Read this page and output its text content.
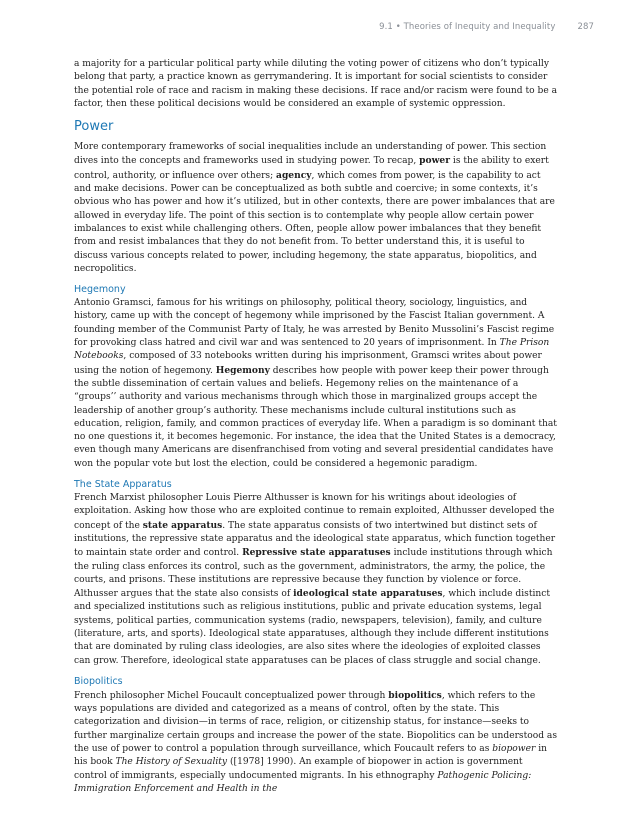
9.1 • Theories of Inequity and Inequality	287

a majority for a particular political party while diluting the voting power of citizens who don’t typically belong that party, a practice known as gerrymandering. It is important for social scientists to consider the potential role of race and racism in making these decisions. If race and/or racism were found to be a factor, then these political decisions would be considered an example of systemic oppression.

Power

More contemporary frameworks of social inequalities include an understanding of power. This section dives into the concepts and frameworks used in studying power. To recap, power is the ability to exert control, authority, or influence over others; agency, which comes from power, is the capability to act and make decisions. Power can be conceptualized as both subtle and coercive; in some contexts, it’s obvious who has power and how it’s utilized, but in other contexts, there are power imbalances that are allowed in everyday life. The point of this section is to contemplate why people allow certain power imbalances to exist while challenging others. Often, people allow power imbalances that they benefit from and resist imbalances that they do not benefit from. To better understand this, it is useful to discuss various concepts related to power, including hegemony, the state apparatus, biopolitics, and necropolitics.

Hegemony

Antonio Gramsci, famous for his writings on philosophy, political theory, sociology, linguistics, and history, came up with the concept of hegemony while imprisoned by the Fascist Italian government. A founding member of the Communist Party of Italy, he was arrested by Benito Mussolini’s Fascist regime for provoking class hatred and civil war and was sentenced to 20 years of imprisonment. In The Prison Notebooks, composed of 33 notebooks written during his imprisonment, Gramsci writes about power using the notion of hegemony. Hegemony describes how people with power keep their power through the subtle dissemination of certain values and beliefs. Hegemony relies on the maintenance of a “groups’’ authority and various mechanisms through which those in marginalized groups accept the leadership of another group’s authority. These mechanisms include cultural institutions such as education, religion, family, and common practices of everyday life. When a paradigm is so dominant that no one questions it, it becomes hegemonic. For instance, the idea that the United States is a democracy, even though many Americans are disenfranchised from voting and several presidential candidates have won the popular vote but lost the election, could be considered a hegemonic paradigm.

The State Apparatus

French Marxist philosopher Louis Pierre Althusser is known for his writings about ideologies of exploitation. Asking how those who are exploited continue to remain exploited, Althusser developed the concept of the state apparatus. The state apparatus consists of two intertwined but distinct sets of institutions, the repressive state apparatus and the ideological state apparatus, which function together to maintain state order and control. Repressive state apparatuses include institutions through which the ruling class enforces its control, such as the government, administrators, the army, the police, the courts, and prisons. These institutions are repressive because they function by violence or force. Althusser argues that the state also consists of ideological state apparatuses, which include distinct and specialized institutions such as religious institutions, public and private education systems, legal systems, political parties, communication systems (radio, newspapers, television), family, and culture (literature, arts, and sports). Ideological state apparatuses, although they include different institutions that are dominated by ruling class ideologies, are also sites where the ideologies of exploited classes can grow. Therefore, ideological state apparatuses can be places of class struggle and social change.

Biopolitics

French philosopher Michel Foucault conceptualized power through biopolitics, which refers to the ways populations are divided and categorized as a means of control, often by the state. This categorization and division—in terms of race, religion, or citizenship status, for instance—seeks to further marginalize certain groups and increase the power of the state. Biopolitics can be understood as the use of power to control a population through surveillance, which Foucault refers to as biopower in his book The History of Sexuality ([1978] 1990). An example of biopower in action is government control of immigrants, especially undocumented migrants. In his ethnography Pathogenic Policing: Immigration Enforcement and Health in the
